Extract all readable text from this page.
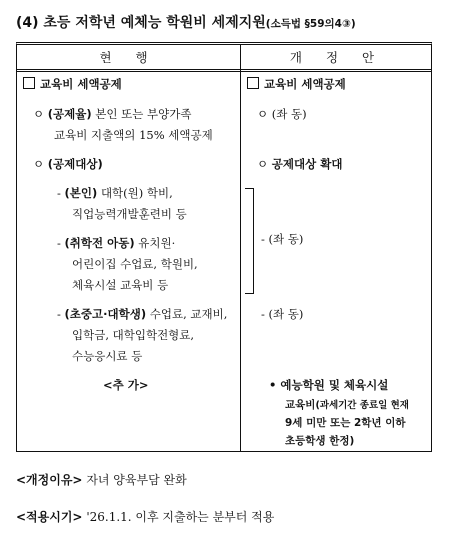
(4) 초등 저학년 예체능 학원비 세제지원(소득법 §59의4③)
현 행	개 정 안
교육비 세액공제
ㅇ (공제율) 본인 또는 부양가족
교육비 지출액의 15% 세액공제
ㅇ (공제대상)
- (본인) 대학(원) 학비,
직업능력개발훈련비 등
- (취학전 아동) 유치원·
어린이집 수업료, 학원비,
체육시설 교육비 등
- (초중고·대학생) 수업료, 교재비,
입학금, 대학입학전형료,
수능응시료 등
<추 가>
교육비 세액공제
ㅇ (좌 동)
ㅇ 공제대상 확대
- (좌 동)
- (좌 동)
• 예능학원 및 체육시설
교육비(과세기간 종료일 현재
9세 미만 또는 2학년 이하
초등학생 한정)
<개정이유> 자녀 양육부담 완화
<적용시기> '26.1.1. 이후 지출하는 분부터 적용
